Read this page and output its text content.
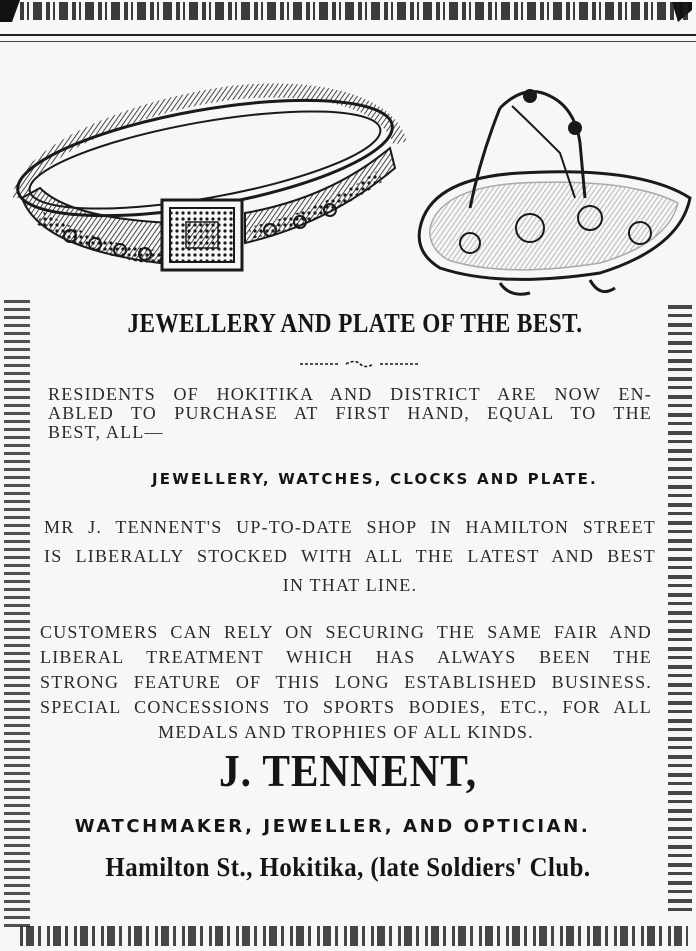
JEWELLERY AND PLATE OF THE BEST.
RESIDENTS OF HOKITIKA AND DISTRICT ARE NOW EN-
ABLED TO PURCHASE AT FIRST HAND, EQUAL TO THE
BEST, ALL—
JEWELLERY, WATCHES, CLOCKS AND PLATE.
MR J. TENNENT'S UP-TO-DATE SHOP IN HAMILTON STREET
IS LIBERALLY STOCKED WITH ALL THE LATEST AND BEST
IN THAT LINE.
CUSTOMERS CAN RELY ON SECURING THE SAME FAIR AND
LIBERAL TREATMENT WHICH HAS ALWAYS BEEN THE
STRONG FEATURE OF THIS LONG ESTABLISHED BUSINESS.
SPECIAL CONCESSIONS TO SPORTS BODIES, ETC., FOR ALL
MEDALS AND TROPHIES OF ALL KINDS.
J. TENNENT,
WATCHMAKER, JEWELLER, AND OPTICIAN.
Hamilton St., Hokitika, (late Soldiers' Club.
